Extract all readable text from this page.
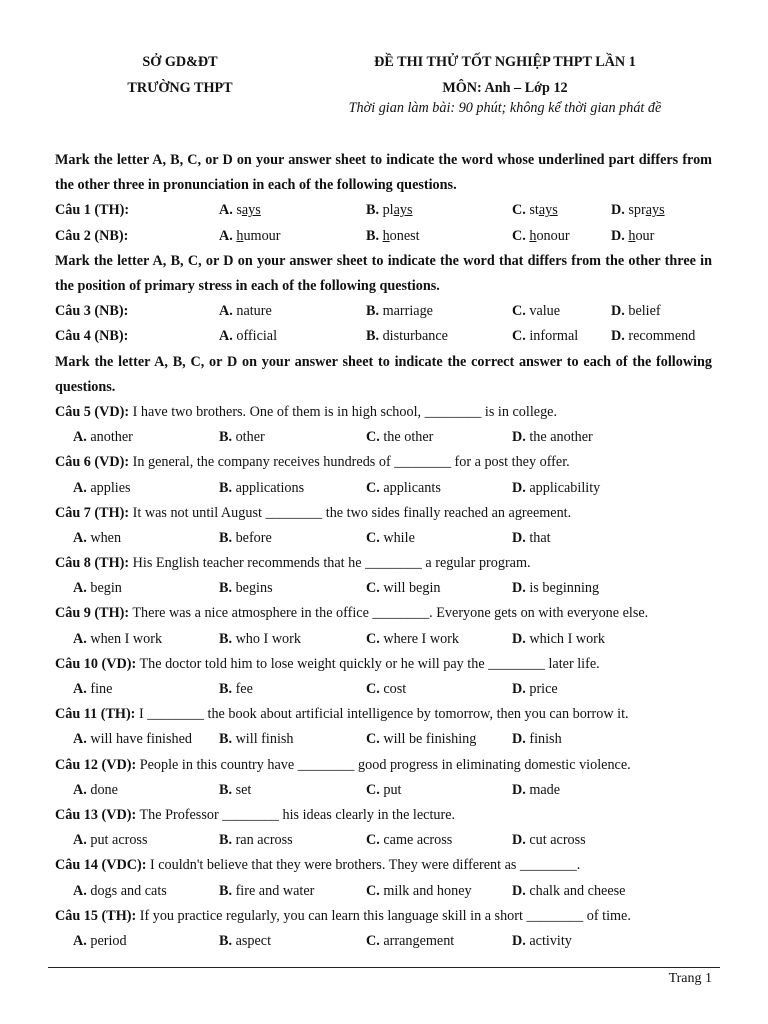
SỞ GD&ĐT
TRƯỜNG THPT
ĐỀ THI THỬ TỐT NGHIỆP THPT LẦN 1
MÔN: Anh – Lớp 12
Thời gian làm bài: 90 phút; không kể thời gian phát đề
Mark the letter A, B, C, or D on your answer sheet to indicate the word whose underlined part differs from the other three in pronunciation in each of the following questions.
Câu 1 (TH):	A. says	B. plays	C. stays	D. sprays
Câu 2 (NB):	A. humour	B. honest	C. honour	D. hour
Mark the letter A, B, C, or D on your answer sheet to indicate the word that differs from the other three in the position of primary stress in each of the following questions.
Câu 3 (NB):	A. nature	B. marriage	C. value	D. belief
Câu 4 (NB):	A. official	B. disturbance	C. informal D. recommend
Mark the letter A, B, C, or D on your answer sheet to indicate the correct answer to each of the following questions.
Câu 5 (VD): I have two brothers. One of them is in high school, ________ is in college.
A. another	B. other	C. the other	D. the another
Câu 6 (VD): In general, the company receives hundreds of ________ for a post they offer.
A. applies	B. applications	C. applicants	D. applicability
Câu 7 (TH): It was not until August ________ the two sides finally reached an agreement.
A. when	B. before	C. while	D. that
Câu 8 (TH): His English teacher recommends that he ________ a regular program.
A. begin	B. begins	C. will begin	D. is beginning
Câu 9 (TH): There was a nice atmosphere in the office ________. Everyone gets on with everyone else.
A. when I work	B. who I work	C. where I work	D. which I work
Câu 10 (VD): The doctor told him to lose weight quickly or he will pay the ________ later life.
A. fine	B. fee	C. cost	D. price
Câu 11 (TH): I ________ the book about artificial intelligence by tomorrow, then you can borrow it.
A. will have finished B. will finish	C. will be finishing	D. finish
Câu 12 (VD): People in this country have ________ good progress in eliminating domestic violence.
A. done	B. set	C. put	D. made
Câu 13 (VD): The Professor ________ his ideas clearly in the lecture.
A. put across	B. ran across	C. came across	D. cut across
Câu 14 (VDC): I couldn't believe that they were brothers. They were different as ________.
A. dogs and cats	B. fire and water	C. milk and honey	D. chalk and cheese
Câu 15 (TH): If you practice regularly, you can learn this language skill in a short ________ of time.
A. period	B. aspect	C. arrangement	D. activity
Trang 1
